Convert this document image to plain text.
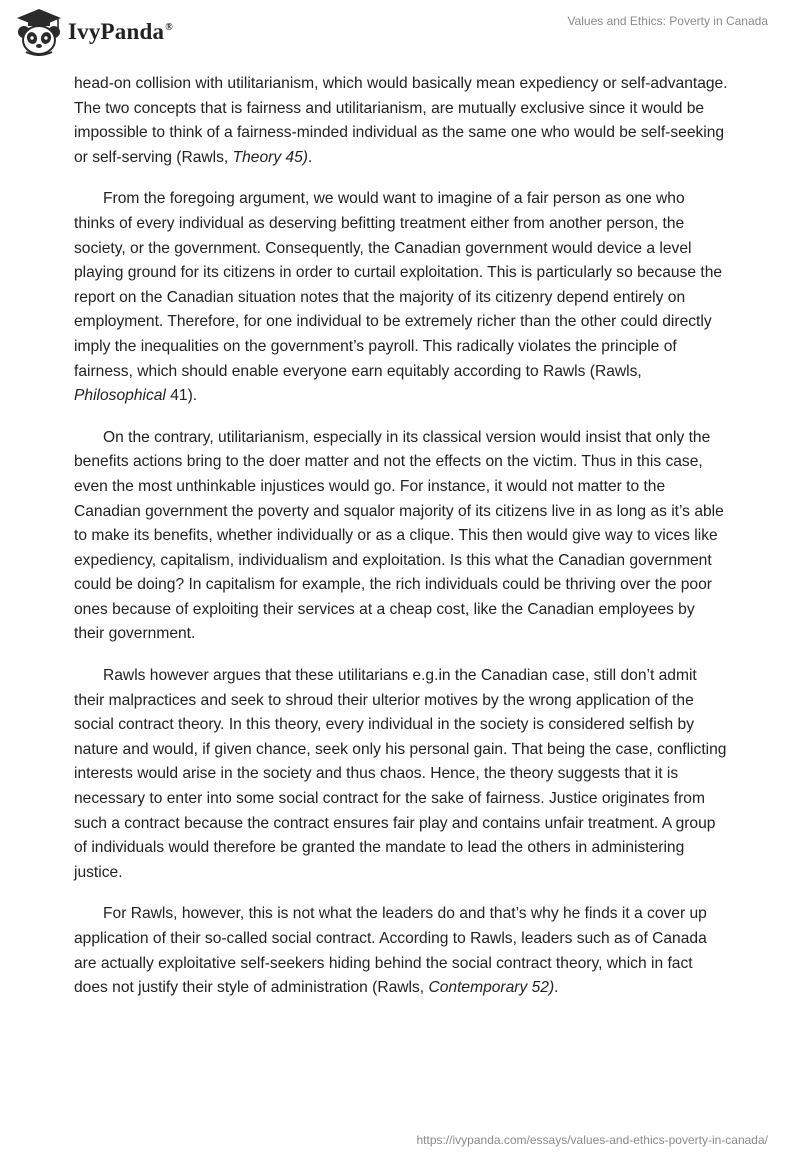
IvyPanda®	Values and Ethics: Poverty in Canada

head-on collision with utilitarianism, which would basically mean expediency or self-advantage. The two concepts that is fairness and utilitarianism, are mutually exclusive since it would be impossible to think of a fairness-minded individual as the same one who would be self-seeking or self-serving (Rawls, Theory 45).

From the foregoing argument, we would want to imagine of a fair person as one who thinks of every individual as deserving befitting treatment either from another person, the society, or the government. Consequently, the Canadian government would device a level playing ground for its citizens in order to curtail exploitation. This is particularly so because the report on the Canadian situation notes that the majority of its citizenry depend entirely on employment. Therefore, for one individual to be extremely richer than the other could directly imply the inequalities on the government’s payroll. This radically violates the principle of fairness, which should enable everyone earn equitably according to Rawls (Rawls, Philosophical 41).

On the contrary, utilitarianism, especially in its classical version would insist that only the benefits actions bring to the doer matter and not the effects on the victim. Thus in this case, even the most unthinkable injustices would go. For instance, it would not matter to the Canadian government the poverty and squalor majority of its citizens live in as long as it’s able to make its benefits, whether individually or as a clique. This then would give way to vices like expediency, capitalism, individualism and exploitation. Is this what the Canadian government could be doing? In capitalism for example, the rich individuals could be thriving over the poor ones because of exploiting their services at a cheap cost, like the Canadian employees by their government.

Rawls however argues that these utilitarians e.g.in the Canadian case, still don’t admit their malpractices and seek to shroud their ulterior motives by the wrong application of the social contract theory. In this theory, every individual in the society is considered selfish by nature and would, if given chance, seek only his personal gain. That being the case, conflicting interests would arise in the society and thus chaos. Hence, the theory suggests that it is necessary to enter into some social contract for the sake of fairness. Justice originates from such a contract because the contract ensures fair play and contains unfair treatment. A group of individuals would therefore be granted the mandate to lead the others in administering justice.

For Rawls, however, this is not what the leaders do and that’s why he finds it a cover up application of their so-called social contract. According to Rawls, leaders such as of Canada are actually exploitative self-seekers hiding behind the social contract theory, which in fact does not justify their style of administration (Rawls, Contemporary 52).

https://ivypanda.com/essays/values-and-ethics-poverty-in-canada/
